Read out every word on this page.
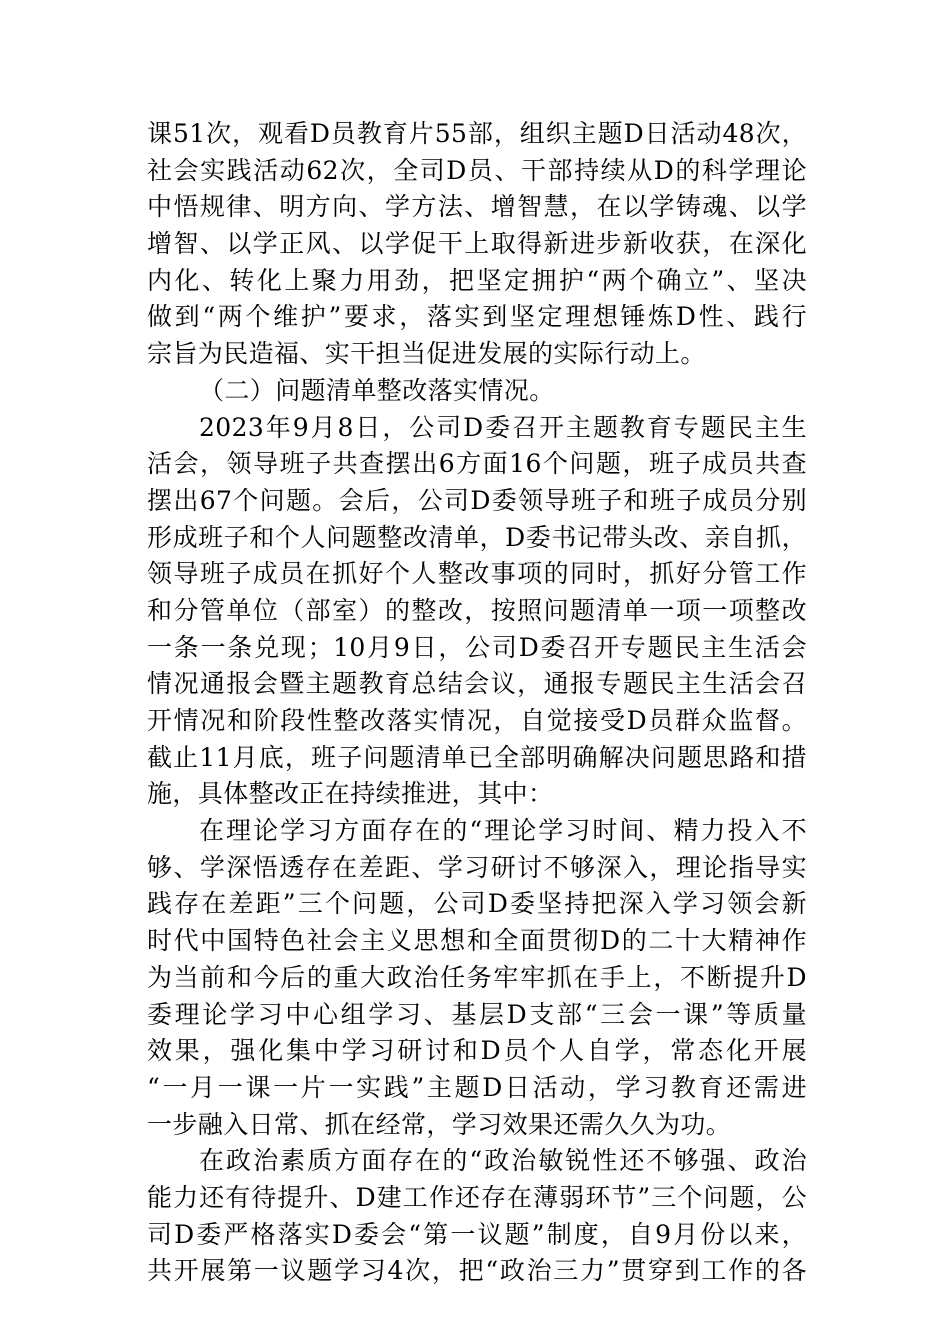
课51次，观看D员教育片55部，组织主题D日活动48次，
社会实践活动62次，全司D员、干部持续从D的科学理论
中悟规律、明方向、学方法、增智慧，在以学铸魂、以学
增智、以学正风、以学促干上取得新进步新收获，在深化
内化、转化上聚力用劲，把坚定拥护“两个确立”、坚决
做到“两个维护”要求，落实到坚定理想锤炼D性、践行
宗旨为民造福、实干担当促进发展的实际行动上。
（二）问题清单整改落实情况。
2023年9月8日，公司D委召开主题教育专题民主生
活会，领导班子共查摆出6方面16个问题，班子成员共查
摆出67个问题。会后，公司D委领导班子和班子成员分别
形成班子和个人问题整改清单，D委书记带头改、亲自抓，
领导班子成员在抓好个人整改事项的同时，抓好分管工作
和分管单位（部室）的整改，按照问题清单一项一项整改
一条一条兑现；10月9日，公司D委召开专题民主生活会
情况通报会暨主题教育总结会议，通报专题民主生活会召
开情况和阶段性整改落实情况，自觉接受D员群众监督。
截止11月底，班子问题清单已全部明确解决问题思路和措
施，具体整改正在持续推进，其中：
在理论学习方面存在的“理论学习时间、精力投入不
够、学深悟透存在差距、学习研讨不够深入，理论指导实
践存在差距”三个问题，公司D委坚持把深入学习领会新
时代中国特色社会主义思想和全面贯彻D的二十大精神作
为当前和今后的重大政治任务牢牢抓在手上，不断提升D
委理论学习中心组学习、基层D支部“三会一课”等质量
效果，强化集中学习研讨和D员个人自学，常态化开展
“一月一课一片一实践”主题D日活动，学习教育还需进
一步融入日常、抓在经常，学习效果还需久久为功。
在政治素质方面存在的“政治敏锐性还不够强、政治
能力还有待提升、D建工作还存在薄弱环节”三个问题，公
司D委严格落实D委会“第一议题”制度，自9月份以来，
共开展第一议题学习4次，把“政治三力”贯穿到工作的各
